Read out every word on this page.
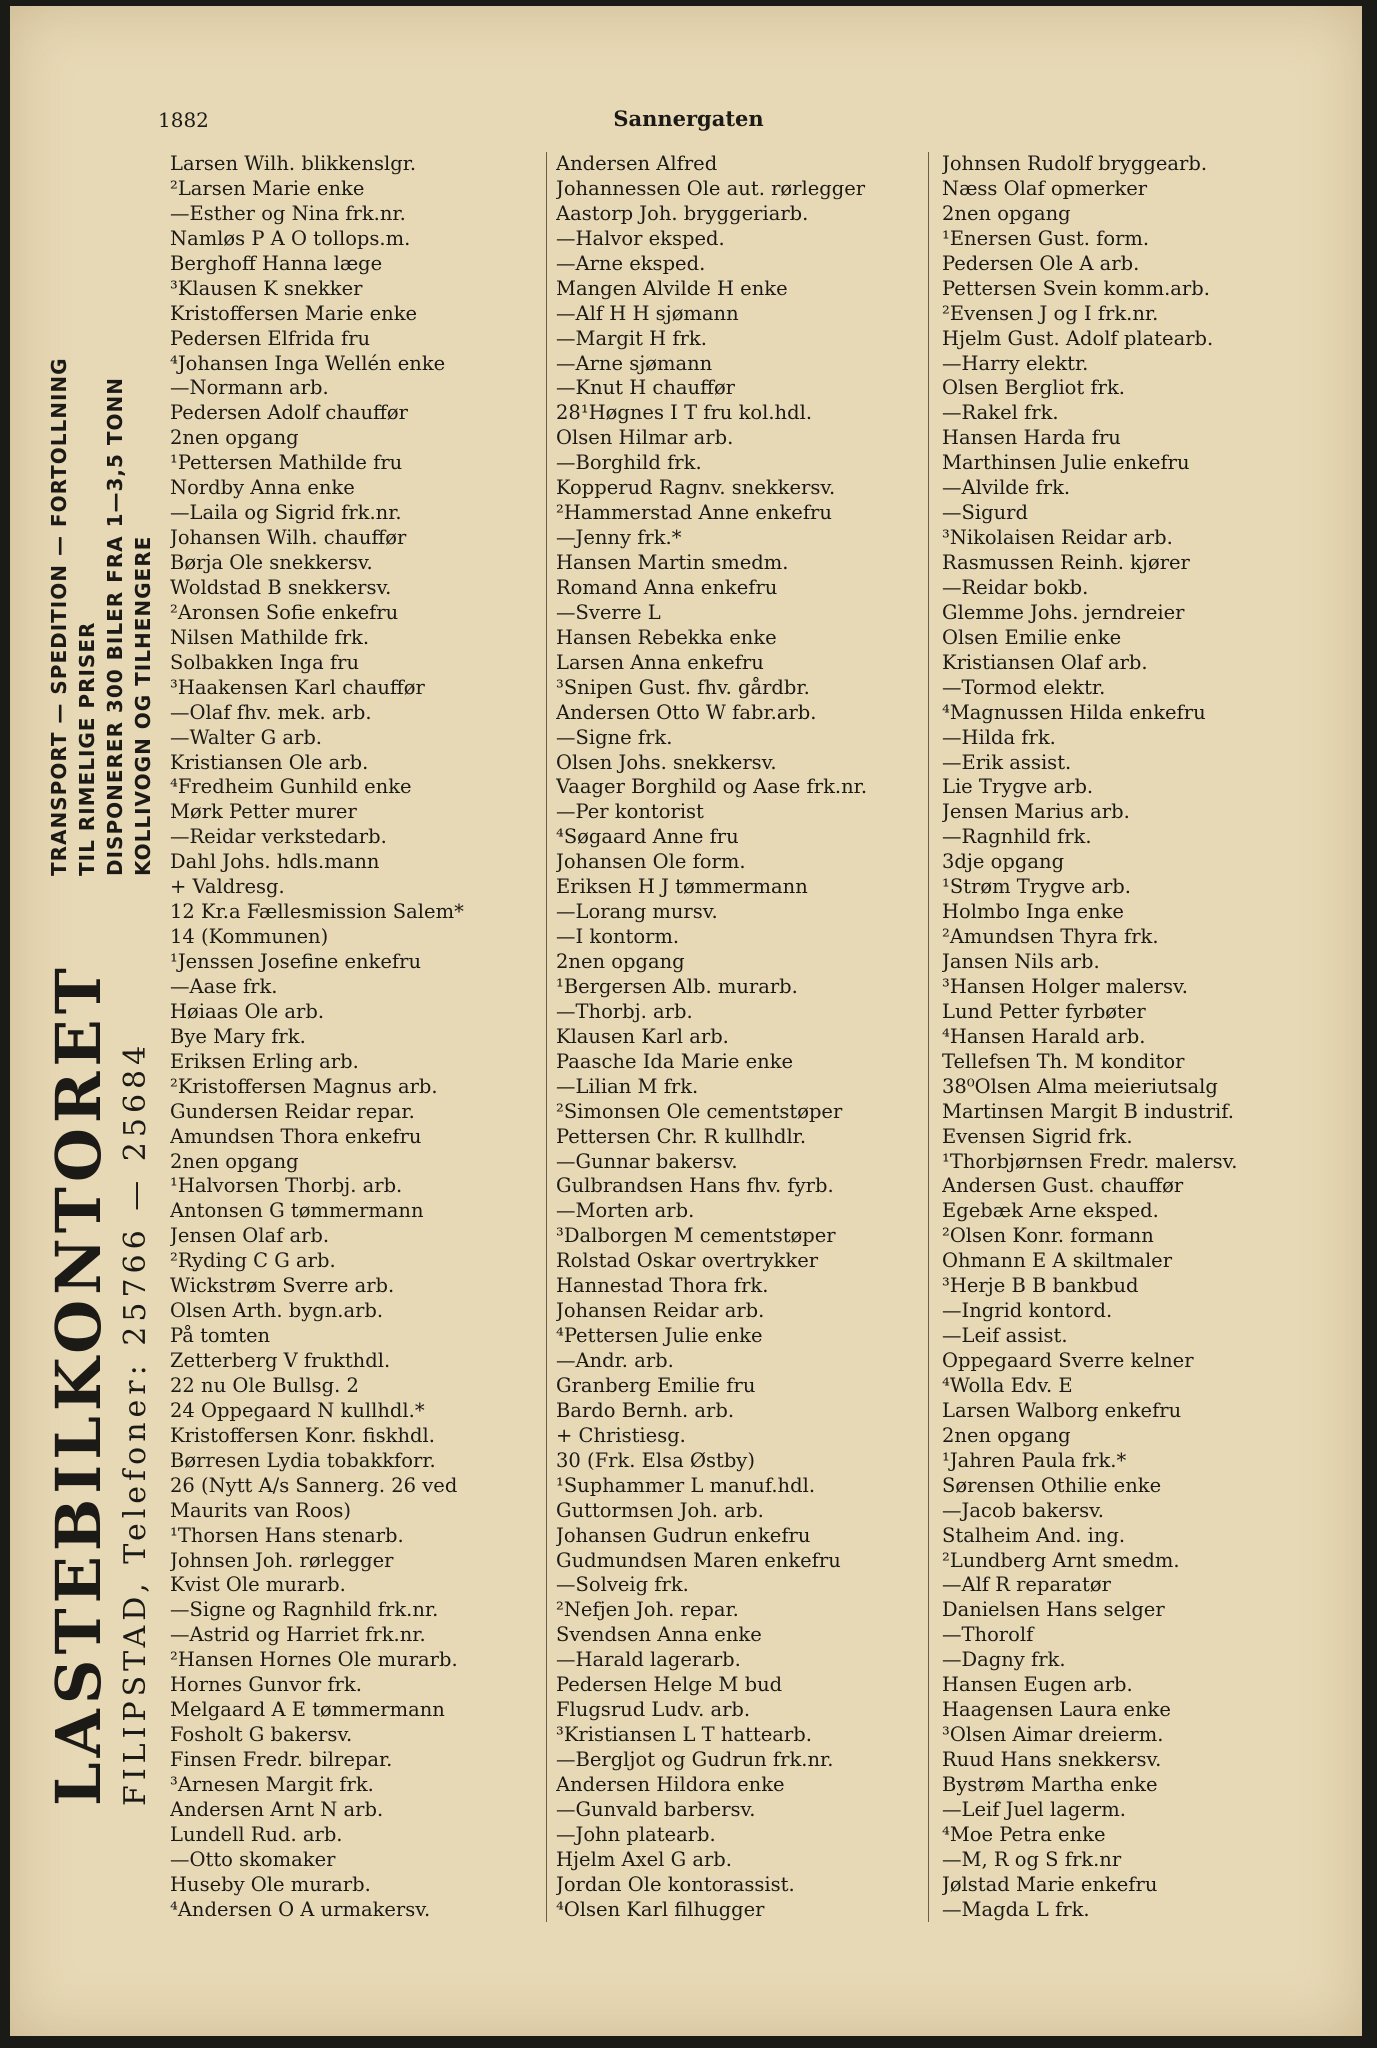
LASTEBILKONTORET FILIPSTAD, Telefoner: 25766 — 25684
TRANSPORT — SPEDITION — FORTOLLNING TIL RIMELIGE PRISER DISPONERER 300 BILER FRA 1—3,5 TONN KOLLIVOGN OG TILHENGERE
1882	Sannergaten
Larsen Wilh. blikkenslgr.
²Larsen Marie enke
—Esther og Nina frk.nr.
Namløs P A O tollops.m.
Berghoff Hanna læge
³Klausen K snekker
Kristoffersen Marie enke
Pedersen Elfrida fru
⁴Johansen Inga Wellén enke
—Normann arb.
Pedersen Adolf chauffør
2nen opgang
¹Pettersen Mathilde fru
Nordby Anna enke
—Laila og Sigrid frk.nr.
Johansen Wilh. chauffør
Børja Ole snekkersv.
Woldstad B snekkersv.
²Aronsen Sofie enkefru
Nilsen Mathilde frk.
Solbakken Inga fru
³Haakensen Karl chauffør
—Olaf fhv. mek. arb.
—Walter G arb.
Kristiansen Ole arb.
⁴Fredheim Gunhild enke
Mørk Petter murer
—Reidar verkstedarb.
Dahl Johs. hdls.mann
+ Valdresg.
12 Kr.a Fællesmission Salem*
14 (Kommunen)
¹Jenssen Josefine enkefru
—Aase frk.
Høiaas Ole arb.
Bye Mary frk.
Eriksen Erling arb.
²Kristoffersen Magnus arb.
Gundersen Reidar repar.
Amundsen Thora enkefru
2nen opgang
¹Halvorsen Thorbj. arb.
Antonsen G tømmermann
Jensen Olaf arb.
²Ryding C G arb.
Wickstrøm Sverre arb.
Olsen Arth. bygn.arb.
På tomten
Zetterberg V frukthdl.
22 nu Ole Bullsg. 2
24 Oppegaard N kullhdl.*
Kristoffersen Konr. fiskhdl.
Børresen Lydia tobakkforr.
26 (Nytt A/s Sannerg. 26 ved
Maurits van Roos)
¹Thorsen Hans stenarb.
Johnsen Joh. rørlegger
Kvist Ole murarb.
—Signe og Ragnhild frk.nr.
—Astrid og Harriet frk.nr.
²Hansen Hornes Ole murarb.
Hornes Gunvor frk.
Melgaard A E tømmermann
Fosholt G bakersv.
Finsen Fredr. bilrepar.
³Arnesen Margit frk.
Andersen Arnt N arb.
Lundell Rud. arb.
—Otto skomaker
Huseby Ole murarb.
⁴Andersen O A urmakersv.
Andersen Alfred
Johannessen Ole aut. rørlegger
Aastorp Joh. bryggeriarb.
—Halvor eksped.
—Arne eksped.
Mangen Alvilde H enke
—Alf H H sjømann
—Margit H frk.
—Arne sjømann
—Knut H chauffør
28¹Høgnes I T fru kol.hdl.
Olsen Hilmar arb.
—Borghild frk.
Kopperud Ragnv. snekkersv.
²Hammerstad Anne enkefru
—Jenny frk.*
Hansen Martin smedm.
Romand Anna enkefru
—Sverre L
Hansen Rebekka enke
Larsen Anna enkefru
³Snipen Gust. fhv. gårdbr.
Andersen Otto W fabr.arb.
—Signe frk.
Olsen Johs. snekkersv.
Vaager Borghild og Aase frk.nr.
—Per kontorist
⁴Søgaard Anne fru
Johansen Ole form.
Eriksen H J tømmermann
—Lorang mursv.
—I kontorm.
2nen opgang
¹Bergersen Alb. murarb.
—Thorbj. arb.
Klausen Karl arb.
Paasche Ida Marie enke
—Lilian M frk.
²Simonsen Ole cementstøper
Pettersen Chr. R kullhdlr.
—Gunnar bakersv.
Gulbrandsen Hans fhv. fyrb.
—Morten arb.
³Dalborgen M cementstøper
Rolstad Oskar overtrykker
Hannestad Thora frk.
Johansen Reidar arb.
⁴Pettersen Julie enke
—Andr. arb.
Granberg Emilie fru
Bardo Bernh. arb.
+ Christiesg.
30 (Frk. Elsa Østby)
¹Suphammer L manuf.hdl.
Guttormsen Joh. arb.
Johansen Gudrun enkefru
Gudmundsen Maren enkefru
—Solveig frk.
²Nefjen Joh. repar.
Svendsen Anna enke
—Harald lagerarb.
Pedersen Helge M bud
Flugsrud Ludv. arb.
³Kristiansen L T hattearb.
—Bergljot og Gudrun frk.nr.
Andersen Hildora enke
—Gunvald barbersv.
—John platearb.
Hjelm Axel G arb.
Jordan Ole kontorassist.
⁴Olsen Karl filhugger
Johnsen Rudolf bryggearb.
Næss Olaf opmerker
2nen opgang
¹Enersen Gust. form.
Pedersen Ole A arb.
Pettersen Svein komm.arb.
²Evensen J og I frk.nr.
Hjelm Gust. Adolf platearb.
—Harry elektr.
Olsen Bergliot frk.
—Rakel frk.
Hansen Harda fru
Marthinsen Julie enkefru
—Alvilde frk.
—Sigurd
³Nikolaisen Reidar arb.
Rasmussen Reinh. kjører
—Reidar bokb.
Glemme Johs. jerndreier
Olsen Emilie enke
Kristiansen Olaf arb.
—Tormod elektr.
⁴Magnussen Hilda enkefru
—Hilda frk.
—Erik assist.
Lie Trygve arb.
Jensen Marius arb.
—Ragnhild frk.
3dje opgang
¹Strøm Trygve arb.
Holmbo Inga enke
²Amundsen Thyra frk.
Jansen Nils arb.
³Hansen Holger malersv.
Lund Petter fyrbøter
⁴Hansen Harald arb.
Tellefsen Th. M konditor
38⁰Olsen Alma meieriutsalg
Martinsen Margit B industrif.
Evensen Sigrid frk.
¹Thorbjørnsen Fredr. malersv.
Andersen Gust. chauffør
Egebæk Arne eksped.
²Olsen Konr. formann
Ohmann E A skiltmaler
³Herje B B bankbud
—Ingrid kontord.
—Leif assist.
Oppegaard Sverre kelner
⁴Wolla Edv. E
Larsen Walborg enkefru
2nen opgang
¹Jahren Paula frk.*
Sørensen Othilie enke
—Jacob bakersv.
Stalheim And. ing.
²Lundberg Arnt smedm.
—Alf R reparatør
Danielsen Hans selger
—Thorolf
—Dagny frk.
Hansen Eugen arb.
Haagensen Laura enke
³Olsen Aimar dreierm.
Ruud Hans snekkersv.
Bystrøm Martha enke
—Leif Juel lagerm.
⁴Moe Petra enke
—M, R og S frk.nr
Jølstad Marie enkefru
—Magda L frk.
